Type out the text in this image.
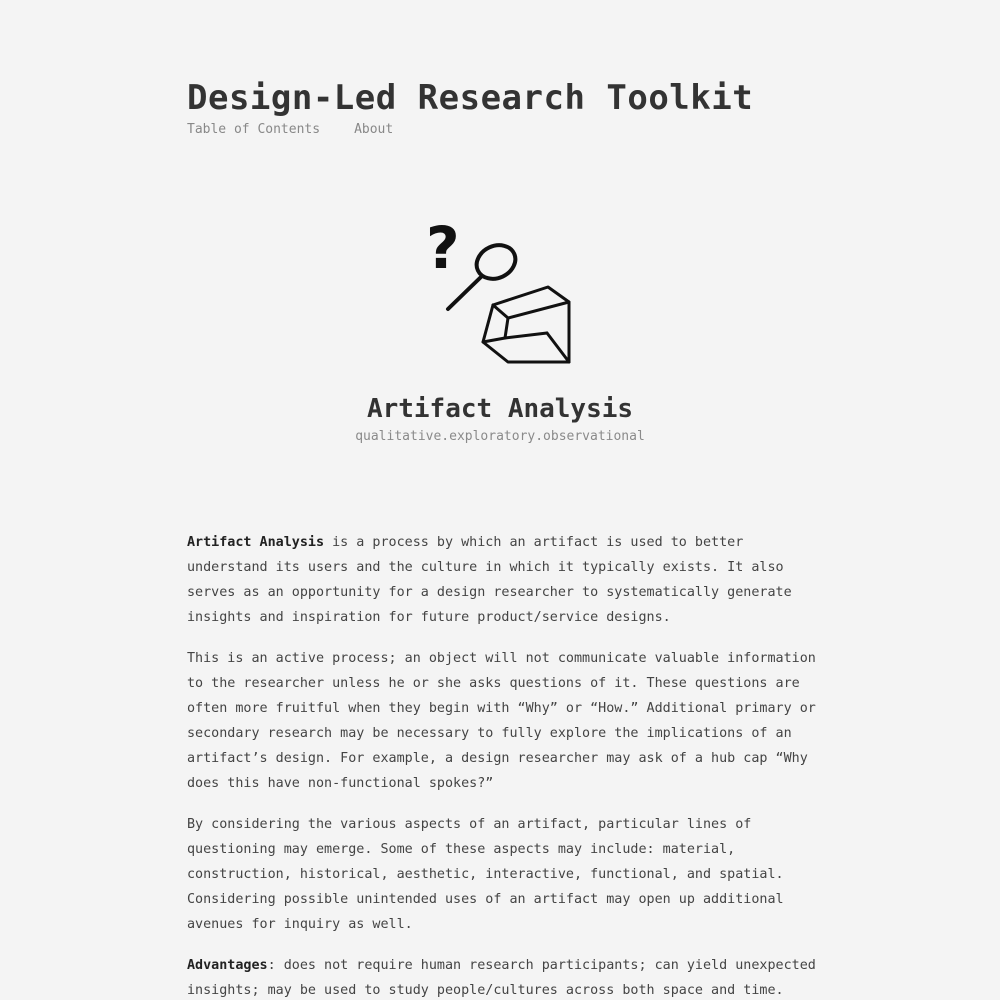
Design-Led Research Toolkit
Table of Contents	About
?
Artifact Analysis
qualitative.exploratory.observational

Artifact Analysis is a process by which an artifact is used to better understand its users and the culture in which it typically exists. It also serves as an opportunity for a design researcher to systematically generate insights and inspiration for future product/service designs.

This is an active process; an object will not communicate valuable information to the researcher unless he or she asks questions of it. These questions are often more fruitful when they begin with “Why” or “How.” Additional primary or secondary research may be necessary to fully explore the implications of an artifact’s design. For example, a design researcher may ask of a hub cap “Why does this have non-functional spokes?”

By considering the various aspects of an artifact, particular lines of questioning may emerge. Some of these aspects may include: material, construction, historical, aesthetic, interactive, functional, and spatial. Considering possible unintended uses of an artifact may open up additional avenues for inquiry as well.

Advantages: does not require human research participants; can yield unexpected insights; may be used to study people/cultures across both space and time.
